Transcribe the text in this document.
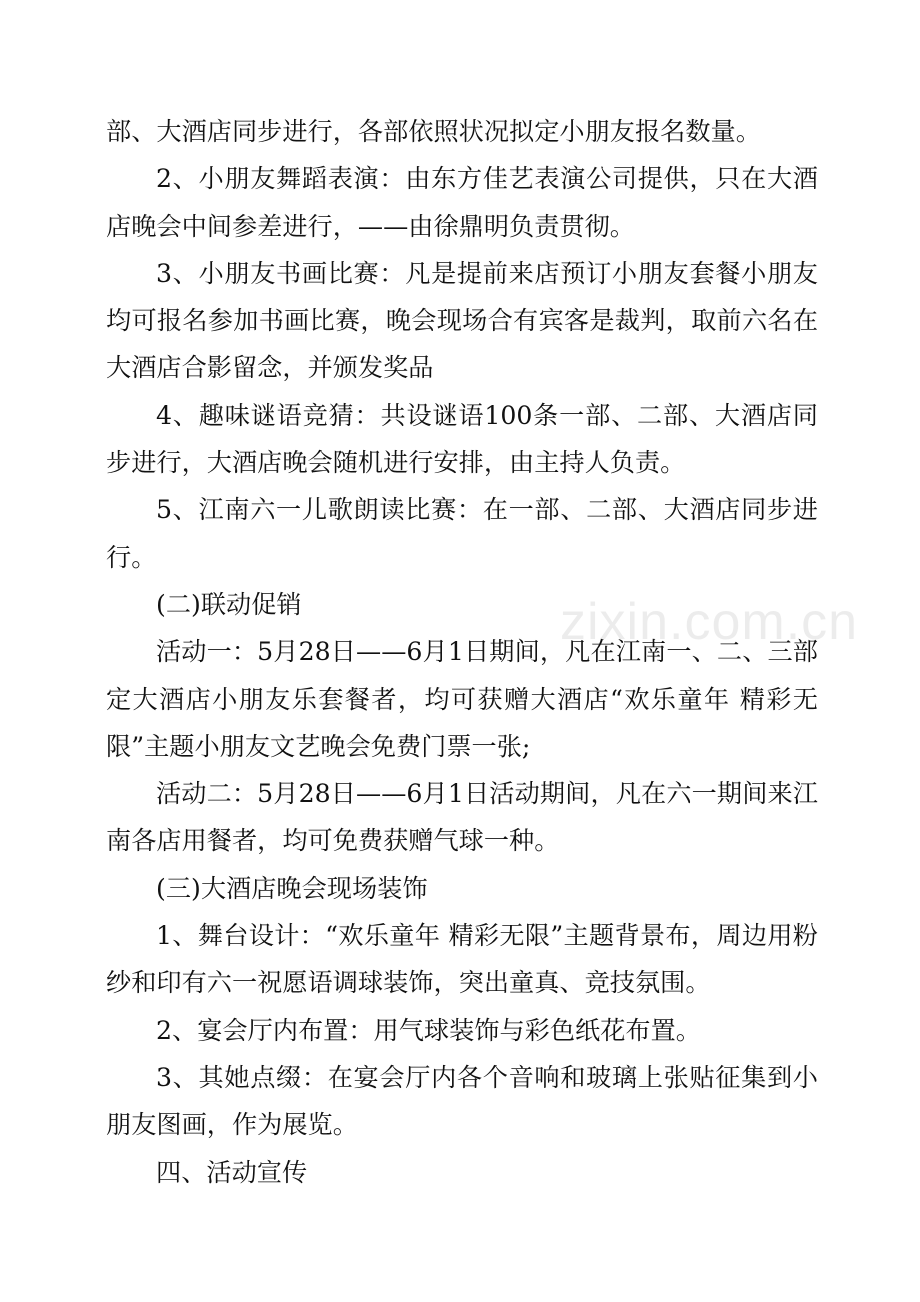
部、大酒店同步进行，各部依照状况拟定小朋友报名数量。

2、小朋友舞蹈表演：由东方佳艺表演公司提供，只在大酒店晚会中间参差进行，——由徐鼎明负责贯彻。

3、小朋友书画比赛：凡是提前来店预订小朋友套餐小朋友均可报名参加书画比赛，晚会现场合有宾客是裁判，取前六名在大酒店合影留念，并颁发奖品

4、趣味谜语竞猜：共设谜语100条一部、二部、大酒店同步进行，大酒店晚会随机进行安排，由主持人负责。

5、江南六一儿歌朗读比赛：在一部、二部、大酒店同步进行。

(二)联动促销

活动一：5月28日——6月1日期间，凡在江南一、二、三部定大酒店小朋友乐套餐者，均可获赠大酒店“欢乐童年 精彩无限”主题小朋友文艺晚会免费门票一张;

活动二：5月28日——6月1日活动期间，凡在六一期间来江南各店用餐者，均可免费获赠气球一种。

(三)大酒店晚会现场装饰

1、舞台设计：“欢乐童年 精彩无限”主题背景布，周边用粉纱和印有六一祝愿语调球装饰，突出童真、竞技氛围。

2、宴会厅内布置：用气球装饰与彩色纸花布置。

3、其她点缀：在宴会厅内各个音响和玻璃上张贴征集到小朋友图画，作为展览。

四、活动宣传

zixin.com.cn
